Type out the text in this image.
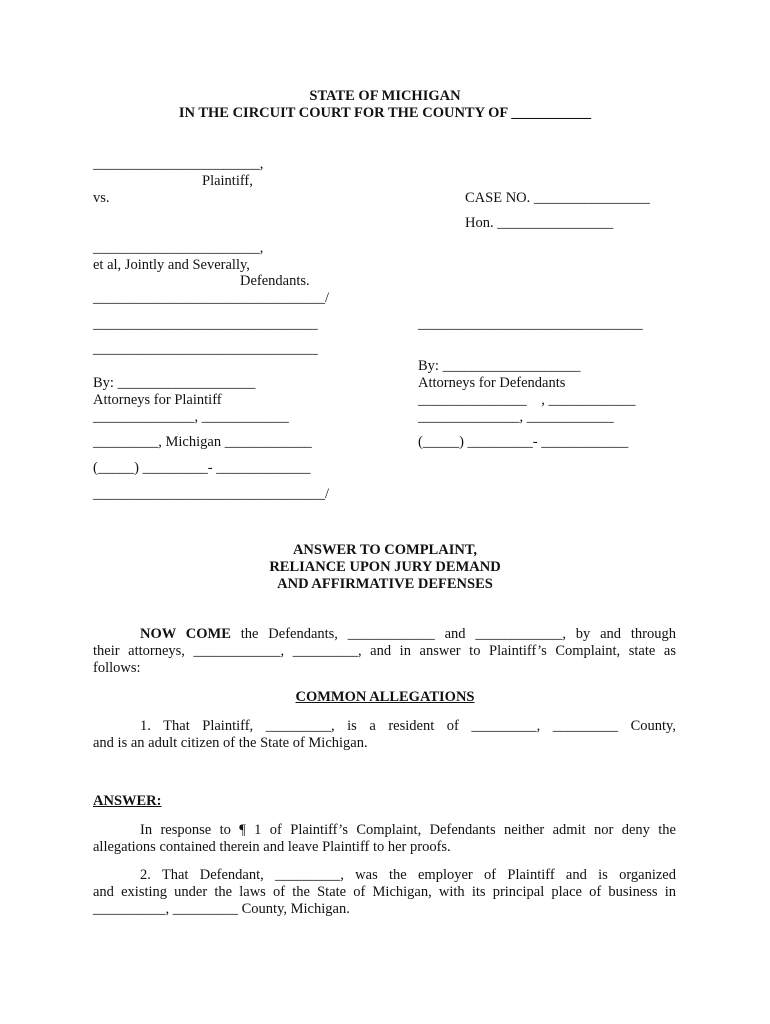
STATE OF MICHIGAN
IN THE CIRCUIT COURT FOR THE COUNTY OF ___________
_______________________,
Plaintiff,
vs.	CASE NO. ________________
Hon. ________________
_______________________,
et al, Jointly and Severally,
Defendants.
________________________________/
_______________________________
_______________________________
By: ___________________
Attorneys for Plaintiff
______________, ____________
_________, Michigan ____________
(_____) _________- _____________
________________________________/
_______________________________
By: ___________________
Attorneys for Defendants
_______________    , ____________
______________, ____________
(_____) _________- ____________
ANSWER TO COMPLAINT,
RELIANCE UPON JURY DEMAND
AND AFFIRMATIVE DEFENSES
NOW COME the Defendants, ____________ and ____________, by and through
their attorneys, ____________, _________, and in answer to Plaintiff’s Complaint, state as
follows:
COMMON ALLEGATIONS
1. That Plaintiff, _________, is a resident of _________, _________ County,
and is an adult citizen of the State of Michigan.
ANSWER:
In response to ¶ 1 of Plaintiff’s Complaint, Defendants neither admit nor deny the
allegations contained therein and leave Plaintiff to her proofs.
2. That Defendant, _________, was the employer of Plaintiff and is organized
and existing under the laws of the State of Michigan, with its principal place of business in
__________, _________ County, Michigan.
